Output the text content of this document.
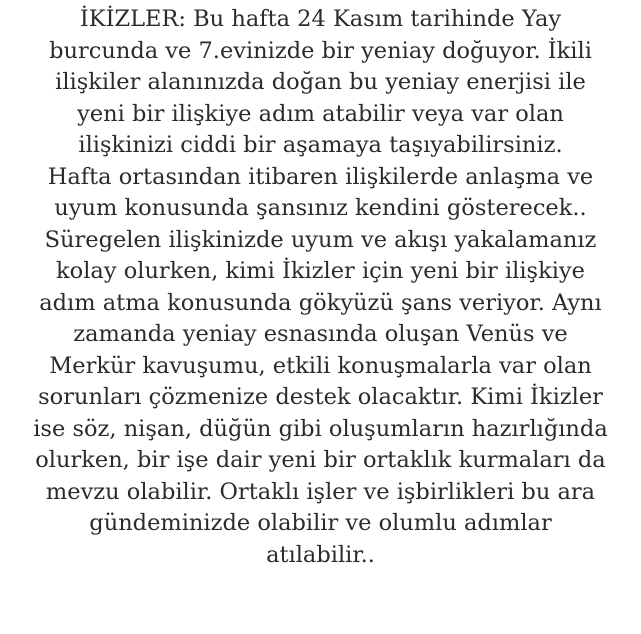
İKİZLER: Bu hafta 24 Kasım tarihinde Yay
burcunda ve 7.evinizde bir yeniay doğuyor. İkili
ilişkiler alanınızda doğan bu yeniay enerjisi ile
yeni bir ilişkiye adım atabilir veya var olan
ilişkinizi ciddi bir aşamaya taşıyabilirsiniz.
Hafta ortasından itibaren ilişkilerde anlaşma ve
uyum konusunda şansınız kendini gösterecek..
Süregelen ilişkinizde uyum ve akışı yakalamanız
kolay olurken, kimi İkizler için yeni bir ilişkiye
adım atma konusunda gökyüzü şans veriyor. Aynı
zamanda yeniay esnasında oluşan Venüs ve
Merkür kavuşumu, etkili konuşmalarla var olan
sorunları çözmenize destek olacaktır. Kimi İkizler
ise söz, nişan, düğün gibi oluşumların hazırlığında
olurken, bir işe dair yeni bir ortaklık kurmaları da
mevzu olabilir. Ortaklı işler ve işbirlikleri bu ara
gündeminizde olabilir ve olumlu adımlar
atılabilir..
